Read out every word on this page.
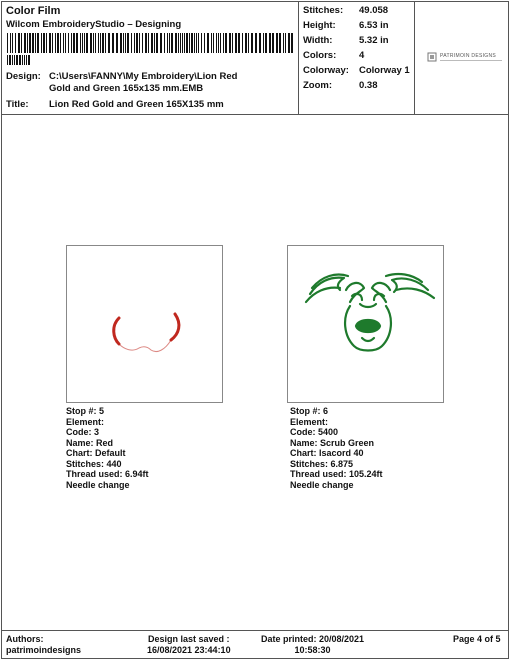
Color Film
Wilcom EmbroideryStudio – Designing
Design: C:\Users\FANNY\My Embroidery\Lion Red
Gold and Green 165x135 mm.EMB
Title: Lion Red Gold and Green 165X135 mm
Stitches: 49.058
Height: 6.53 in
Width:	5.32 in
Colors: 4
Colorway: Colorway 1
Zoom:	0.38
PATRIMOIN DESIGNS
Stop #: 5
Element:
Code: 3
Name: Red
Chart: Default
Stitches: 440
Thread used: 6.94ft
Needle change
Stop #: 6
Element:
Code: 5400
Name: Scrub Green
Chart: Isacord 40
Stitches: 6.875
Thread used: 105.24ft
Needle change
Authors:
patrimoindesigns
Design last saved :
16/08/2021 23:44:10
Date printed: 20/08/2021
10:58:30
Page 4 of 5
